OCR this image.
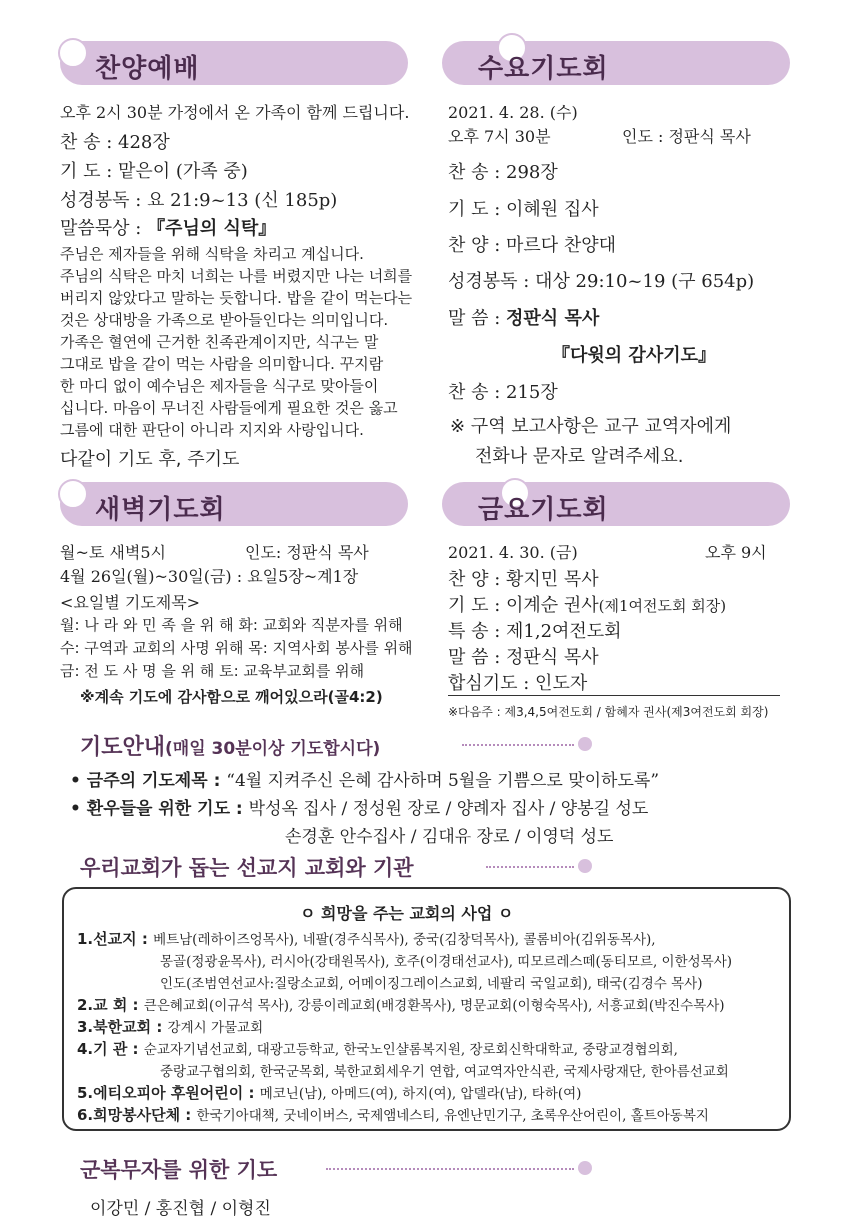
찬양예배
오후 2시 30분 가정에서 온 가족이 함께 드립니다.
찬 송 : 428장
기 도 : 맡은이 (가족 중)
성경봉독 : 요 21:9~13 (신 185p)
말씀묵상 : 『주님의 식탁』
주님은 제자들을 위해 식탁을 차리고 계십니다.
주님의 식탁은 마치 너희는 나를 버렸지만 나는 너희를
버리지 않았다고 말하는 듯합니다. 밥을 같이 먹는다는
것은 상대방을 가족으로 받아들인다는 의미입니다.
가족은 혈연에 근거한 친족관계이지만, 식구는 말
그대로 밥을 같이 먹는 사람을 의미합니다. 꾸지람
한 마디 없이 예수님은 제자들을 식구로 맞아들이
십니다. 마음이 무너진 사람들에게 필요한 것은 옳고
그름에 대한 판단이 아니라 지지와 사랑입니다.
다같이 기도 후, 주기도
수요기도회
2021. 4. 28. (수)
오후 7시 30분	인도 : 정판식 목사
찬 송 : 298장
기 도 : 이혜원 집사
찬 양 : 마르다 찬양대
성경봉독 : 대상 29:10~19 (구 654p)
말 씀 : 정판식 목사
『다윗의 감사기도』
찬 송 : 215장
※ 구역 보고사항은 교구 교역자에게
전화나 문자로 알려주세요.
새벽기도회
월~토 새벽5시	인도: 정판식 목사
4월 26일(월)~30일(금) : 요일5장~계1장
<요일별 기도제목>
월: 나 라 와 민 족 을 위 해 화: 교회와 직분자를 위해
수: 구역과 교회의 사명 위해 목: 지역사회 봉사를 위해
금: 전 도 사 명 을 위 해 토: 교육부교회를 위해
※계속 기도에 감사함으로 깨어있으라(골4:2)
금요기도회
2021. 4. 30. (금)	오후 9시
찬 양 : 황지민 목사
기 도 : 이계순 권사(제1여전도회 회장)
특 송 : 제1,2여전도회
말 씀 : 정판식 목사
합심기도 : 인도자
※다음주 : 제3,4,5여전도회 / 함혜자 권사(제3여전도회 회장)
기도안내(매일 30분이상 기도합시다)
• 금주의 기도제목 : “4월 지켜주신 은혜 감사하며 5월을 기쁨으로 맞이하도록”
• 환우들을 위한 기도 : 박성옥 집사 / 정성원 장로 / 양례자 집사 / 양봉길 성도
손경훈 안수집사 / 김대유 장로 / 이영덕 성도
우리교회가 돕는 선교지 교회와 기관
ㅇ 희망을 주는 교회의 사업 ㅇ
1.선교지 : 베트남(레하이즈엉목사), 네팔(경주식목사), 중국(김창덕목사), 콜롬비아(김위동목사),
몽골(정광윤목사), 러시아(강태원목사), 호주(이경태선교사), 띠모르레스떼(동티모르, 이한성목사)
인도(조범연선교사:질랑소교회, 어메이징그레이스교회, 네팔리 국일교회), 태국(김경수 목사)
2.교 회 : 큰은혜교회(이규석 목사), 강릉이레교회(배경환목사), 명문교회(이형숙목사), 서흥교회(박진수목사)
3.북한교회 : 강계시 가물교회
4.기 관 : 순교자기념선교회, 대광고등학교, 한국노인샬롬복지원, 장로회신학대학교, 중랑교경협의회,
중랑교구협의회, 한국군목회, 북한교회세우기 연합, 여교역자안식관, 국제사랑재단, 한아름선교회
5.에티오피아 후원어린이 : 메코닌(남), 아메드(여), 하지(여), 압델라(남), 타하(여)
6.희망봉사단체 : 한국기아대책, 굿네이버스, 국제앰네스티, 유엔난민기구, 초록우산어린이, 홀트아동복지
군복무자를 위한 기도
이강민 / 홍진협 / 이형진
